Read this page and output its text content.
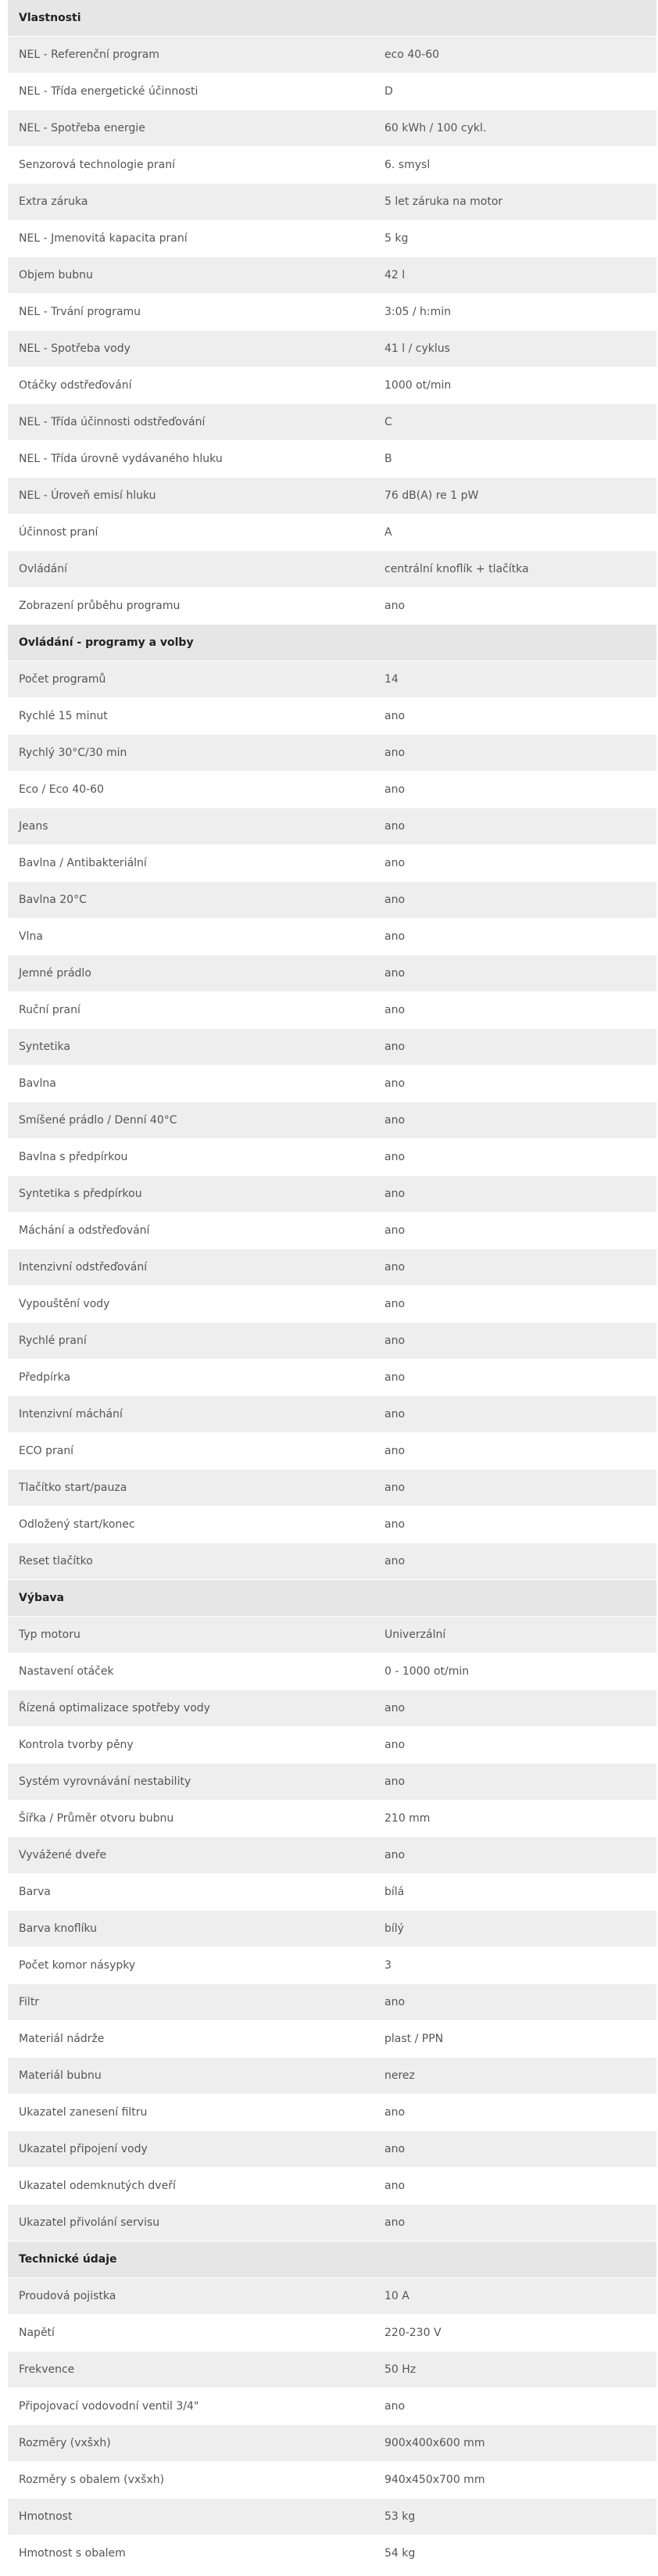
Vlastnosti
NEL - Referenční program	eco 40-60
NEL - Třída energetické účinnosti	D
NEL - Spotřeba energie	60 kWh / 100 cykl.
Senzorová technologie praní	6. smysl
Extra záruka	5 let záruka na motor
NEL - Jmenovitá kapacita praní	5 kg
Objem bubnu	42 l
NEL - Trvání programu	3:05 / h:min
NEL - Spotřeba vody	41 l / cyklus
Otáčky odstřeďování	1000 ot/min
NEL - Třída účinnosti odstřeďování	C
NEL - Třída úrovně vydávaného hluku	B
NEL - Úroveň emisí hluku	76 dB(A) re 1 pW
Účinnost praní	A
Ovládání	centrální knoflík + tlačítka
Zobrazení průběhu programu	ano
Ovládání - programy a volby
Počet programů	14
Rychlé 15 minut	ano
Rychlý 30°C/30 min	ano
Eco / Eco 40-60	ano
Jeans	ano
Bavlna / Antibakteriální	ano
Bavlna 20°C	ano
Vlna	ano
Jemné prádlo	ano
Ruční praní	ano
Syntetika	ano
Bavlna	ano
Smíšené prádlo / Denní 40°C	ano
Bavlna s předpírkou	ano
Syntetika s předpírkou	ano
Máchání a odstřeďování	ano
Intenzivní odstřeďování	ano
Vypouštění vody	ano
Rychlé praní	ano
Předpírka	ano
Intenzivní máchání	ano
ECO praní	ano
Tlačítko start/pauza	ano
Odložený start/konec	ano
Reset tlačítko	ano
Výbava
Typ motoru	Univerzální
Nastavení otáček	0 - 1000 ot/min
Řízená optimalizace spotřeby vody	ano
Kontrola tvorby pěny	ano
Systém vyrovnávání nestability	ano
Šířka / Průměr otvoru bubnu	210 mm
Vyvážené dveře	ano
Barva	bílá
Barva knoflíku	bílý
Počet komor násypky	3
Filtr	ano
Materiál nádrže	plast / PPN
Materiál bubnu	nerez
Ukazatel zanesení filtru	ano
Ukazatel připojení vody	ano
Ukazatel odemknutých dveří	ano
Ukazatel přivolání servisu	ano
Technické údaje
Proudová pojistka	10 A
Napětí	220-230 V
Frekvence	50 Hz
Připojovací vodovodní ventil 3/4"	ano
Rozměry (vxšxh)	900x400x600 mm
Rozměry s obalem (vxšxh)	940x450x700 mm
Hmotnost	53 kg
Hmotnost s obalem	54 kg
